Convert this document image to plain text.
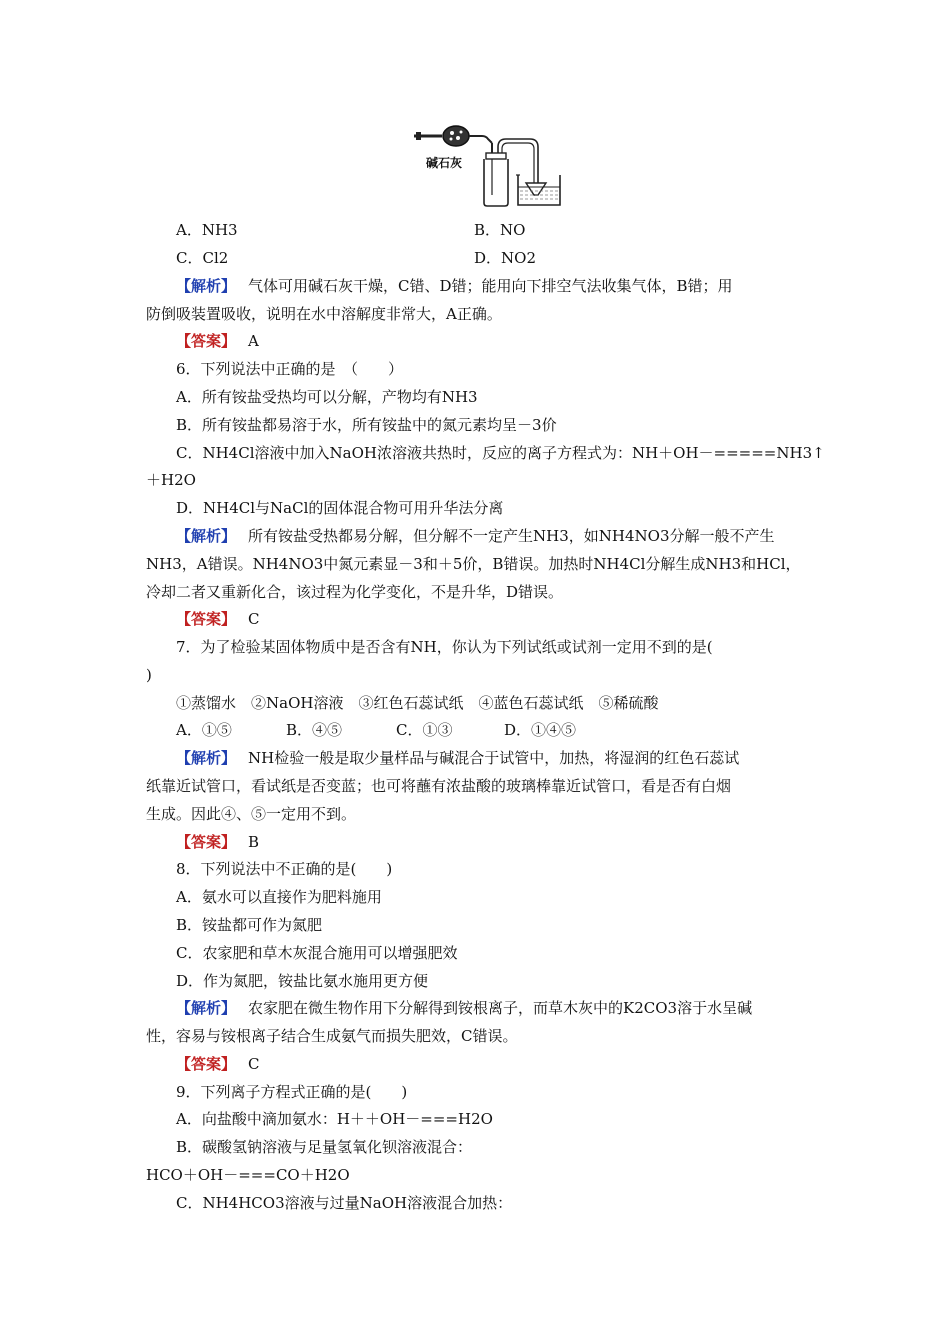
碱石灰
A．NH3	B．NO
C．Cl2	D．NO2
【解析】 气体可用碱石灰干燥，C错、D错；能用向下排空气法收集气体，B错；用
防倒吸装置吸收，说明在水中溶解度非常大，A正确。
【答案】 A
6．下列说法中正确的是　（　　）
A．所有铵盐受热均可以分解，产物均有NH3
B．所有铵盐都易溶于水，所有铵盐中的氮元素均呈－3价
C．NH4Cl溶液中加入NaOH浓溶液共热时，反应的离子方程式为：NH＋OH－=====NH3↑
＋H2O
D．NH4Cl与NaCl的固体混合物可用升华法分离
【解析】 所有铵盐受热都易分解，但分解不一定产生NH3，如NH4NO3分解一般不产生
NH3，A错误。NH4NO3中氮元素显－3和＋5价，B错误。加热时NH4Cl分解生成NH3和HCl，
冷却二者又重新化合，该过程为化学变化，不是升华，D错误。
【答案】 C
7．为了检验某固体物质中是否含有NH，你认为下列试纸或试剂一定用不到的是(
)
①蒸馏水　②NaOH溶液　③红色石蕊试纸　④蓝色石蕊试纸　⑤稀硫酸
A．①⑤	B．④⑤	C．①③	D．①④⑤
【解析】 NH检验一般是取少量样品与碱混合于试管中，加热，将湿润的红色石蕊试
纸靠近试管口，看试纸是否变蓝；也可将蘸有浓盐酸的玻璃棒靠近试管口，看是否有白烟
生成。因此④、⑤一定用不到。
【答案】 B
8．下列说法中不正确的是(　　)
A．氨水可以直接作为肥料施用
B．铵盐都可作为氮肥
C．农家肥和草木灰混合施用可以增强肥效
D．作为氮肥，铵盐比氨水施用更方便
【解析】 农家肥在微生物作用下分解得到铵根离子，而草木灰中的K2CO3溶于水呈碱
性，容易与铵根离子结合生成氨气而损失肥效，C错误。
【答案】 C
9．下列离子方程式正确的是(　　)
A．向盐酸中滴加氨水：H＋＋OH－===H2O
B．碳酸氢钠溶液与足量氢氧化钡溶液混合：
HCO＋OH－===CO＋H2O
C．NH4HCO3溶液与过量NaOH溶液混合加热：
